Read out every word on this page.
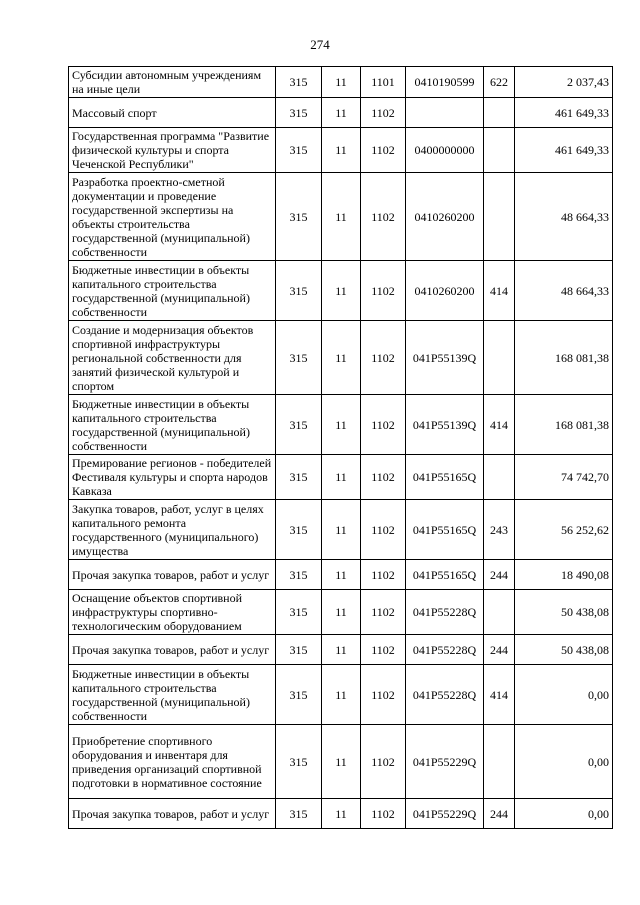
274
Субсидии автономным учреждениям на иные цели	315	11	1101	0410190599	622	2 037,43
Массовый спорт	315	11	1102			461 649,33
Государственная программа "Развитие физической культуры и спорта Чеченской Республики"	315	11	1102	0400000000		461 649,33
Разработка проектно-сметной документации и проведение государственной экспертизы на объекты строительства государственной (муниципальной) собственности	315	11	1102	0410260200		48 664,33
Бюджетные инвестиции в объекты капитального строительства государственной (муниципальной) собственности	315	11	1102	0410260200	414	48 664,33
Создание и модернизация объектов спортивной инфраструктуры региональной собственности для занятий физической культурой и спортом	315	11	1102	041P55139Q		168 081,38
Бюджетные инвестиции в объекты капитального строительства государственной (муниципальной) собственности	315	11	1102	041P55139Q	414	168 081,38
Премирование регионов - победителей Фестиваля культуры и спорта народов Кавказа	315	11	1102	041P55165Q		74 742,70
Закупка товаров, работ, услуг в целях капитального ремонта государственного (муниципального) имущества	315	11	1102	041P55165Q	243	56 252,62
Прочая закупка товаров, работ и услуг	315	11	1102	041P55165Q	244	18 490,08
Оснащение объектов спортивной инфраструктуры спортивно-технологическим оборудованием	315	11	1102	041P55228Q		50 438,08
Прочая закупка товаров, работ и услуг	315	11	1102	041P55228Q	244	50 438,08
Бюджетные инвестиции в объекты капитального строительства государственной (муниципальной) собственности	315	11	1102	041P55228Q	414	0,00
Приобретение спортивного оборудования и инвентаря для приведения организаций спортивной подготовки в нормативное состояние	315	11	1102	041P55229Q		0,00
Прочая закупка товаров, работ и услуг	315	11	1102	041P55229Q	244	0,00
